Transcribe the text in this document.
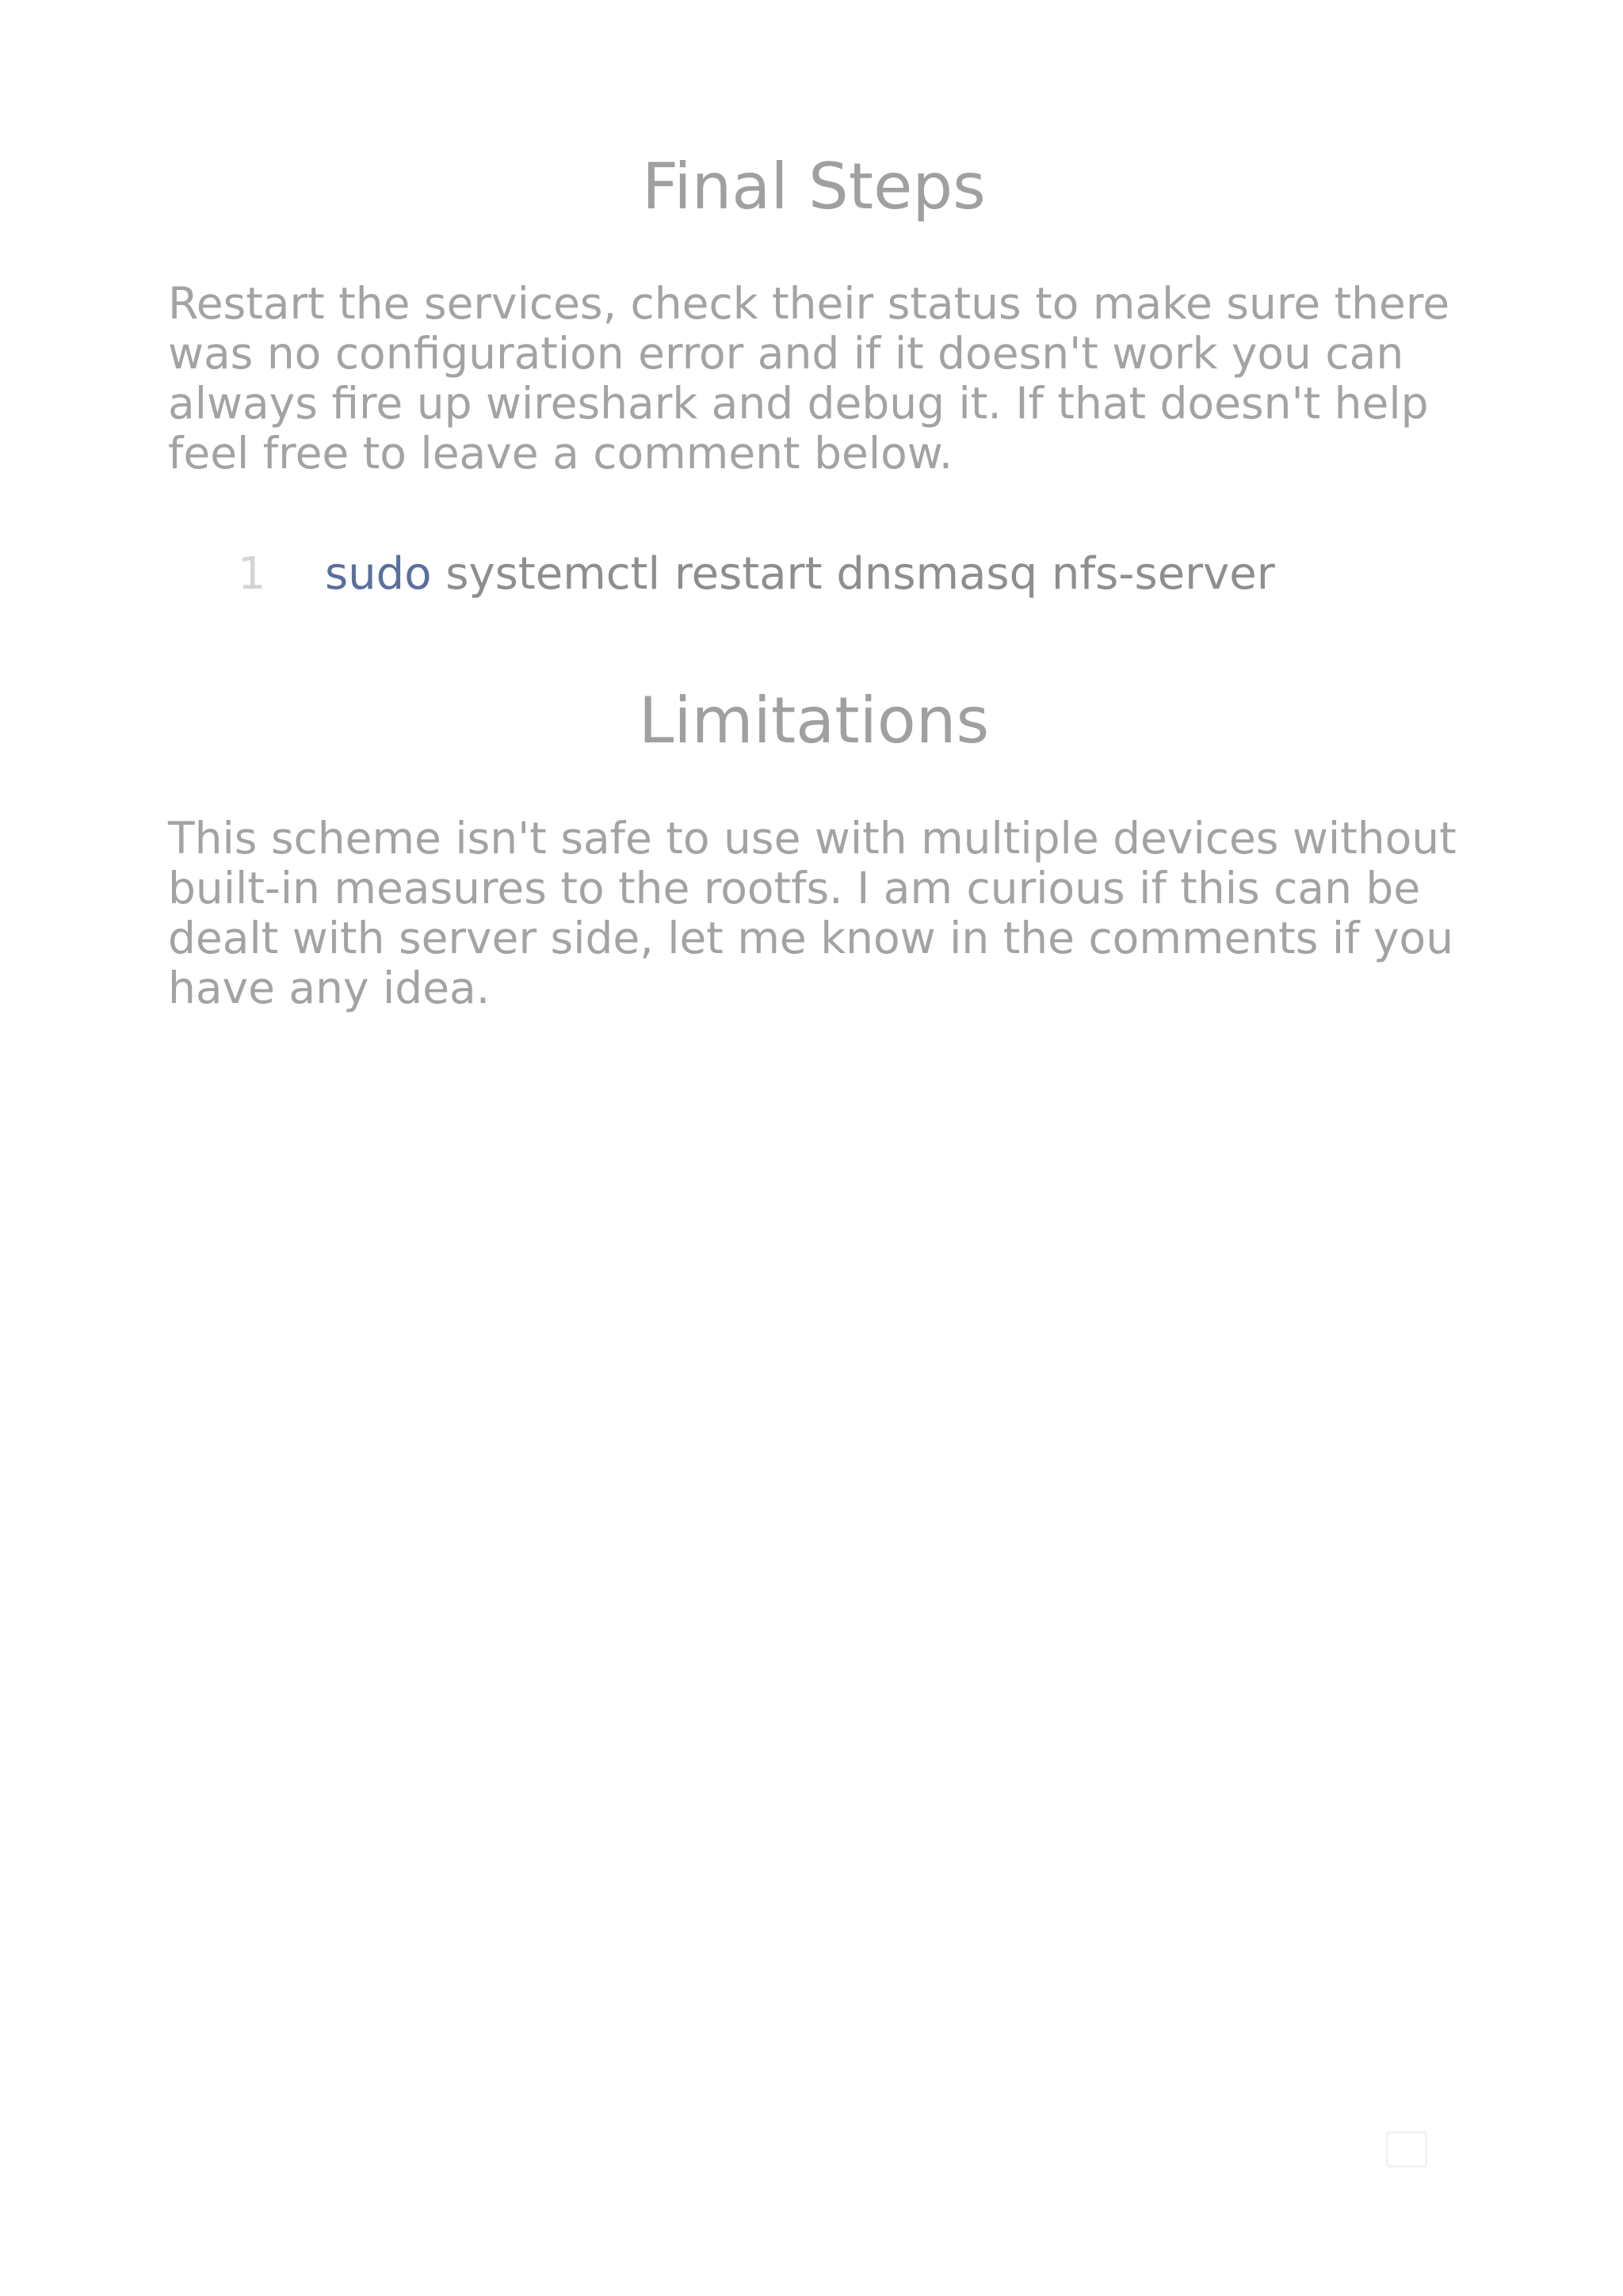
Final Steps

Restart the services, check their status to make sure there was no configuration error and if it doesn't work you can always fire up wireshark and debug it. If that doesn't help feel free to leave a comment below.

1	sudo systemctl restart dnsmasq nfs-server
Limitations

This scheme isn't safe to use with multiple devices without built-in measures to the rootfs. I am curious if this can be dealt with server side, let me know in the comments if you have any idea.
